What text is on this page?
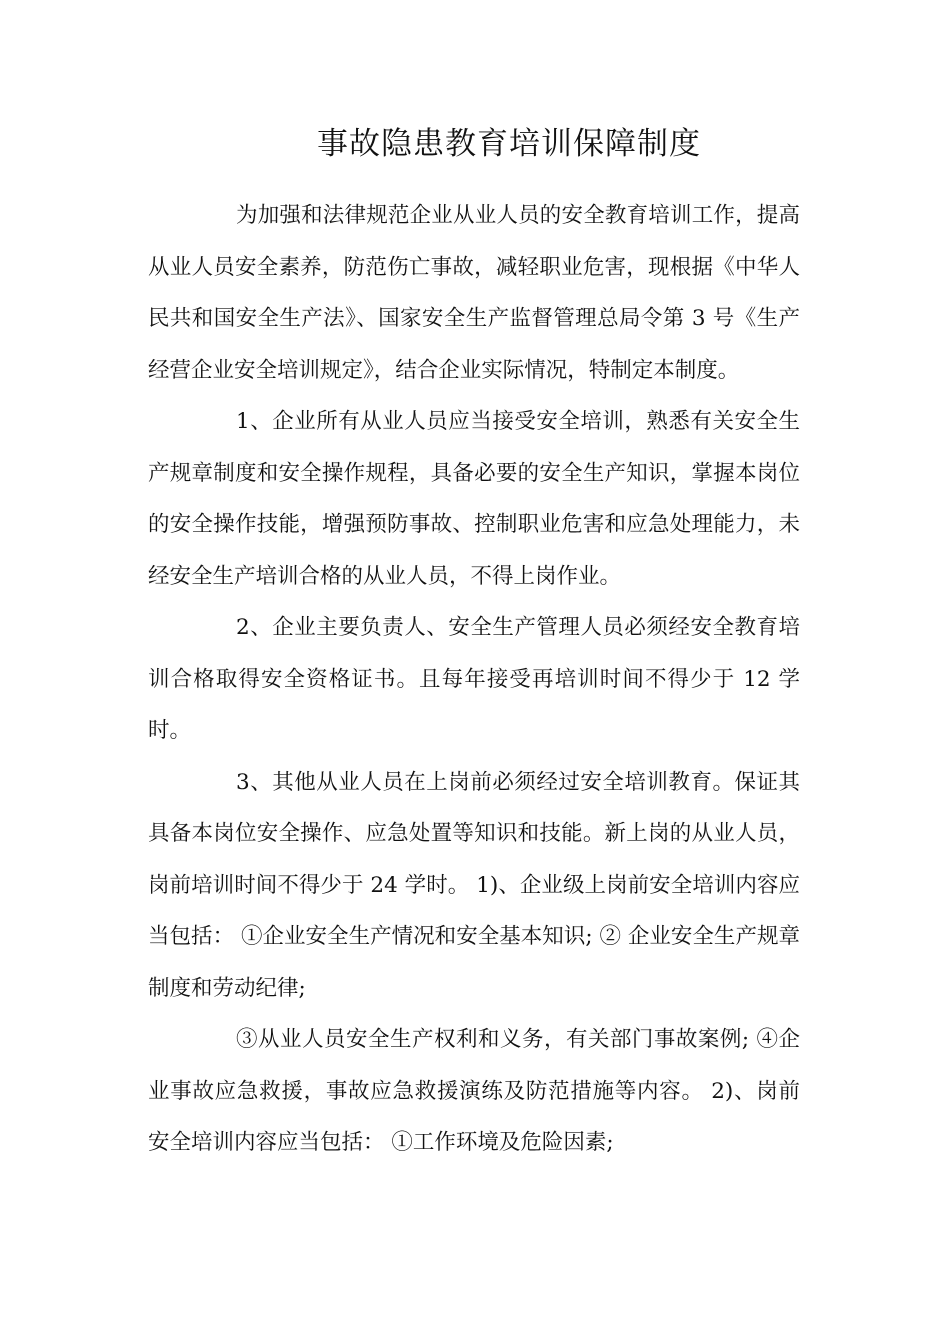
事故隐患教育培训保障制度

为加强和法律规范企业从业人员的安全教育培训工作，提高从业人员安全素养，防范伤亡事故，减轻职业危害，现根据《中华人民共和国安全生产法》、国家安全生产监督管理总局令第 3 号《生产经营企业安全培训规定》，结合企业实际情况，特制定本制度。

1、企业所有从业人员应当接受安全培训，熟悉有关安全生产规章制度和安全操作规程，具备必要的安全生产知识，掌握本岗位的安全操作技能，增强预防事故、控制职业危害和应急处理能力，未经安全生产培训合格的从业人员，不得上岗作业。

2、企业主要负责人、安全生产管理人员必须经安全教育培训合格取得安全资格证书。且每年接受再培训时间不得少于 12 学时。

3、其他从业人员在上岗前必须经过安全培训教育。保证其具备本岗位安全操作、应急处置等知识和技能。新上岗的从业人员，岗前培训时间不得少于 24 学时。 1)、企业级上岗前安全培训内容应当包括： ①企业安全生产情况和安全基本知识; ② 企业安全生产规章制度和劳动纪律;

③从业人员安全生产权利和义务，有关部门事故案例; ④企业事故应急救援，事故应急救援演练及防范措施等内容。 2)、岗前安全培训内容应当包括： ①工作环境及危险因素;
